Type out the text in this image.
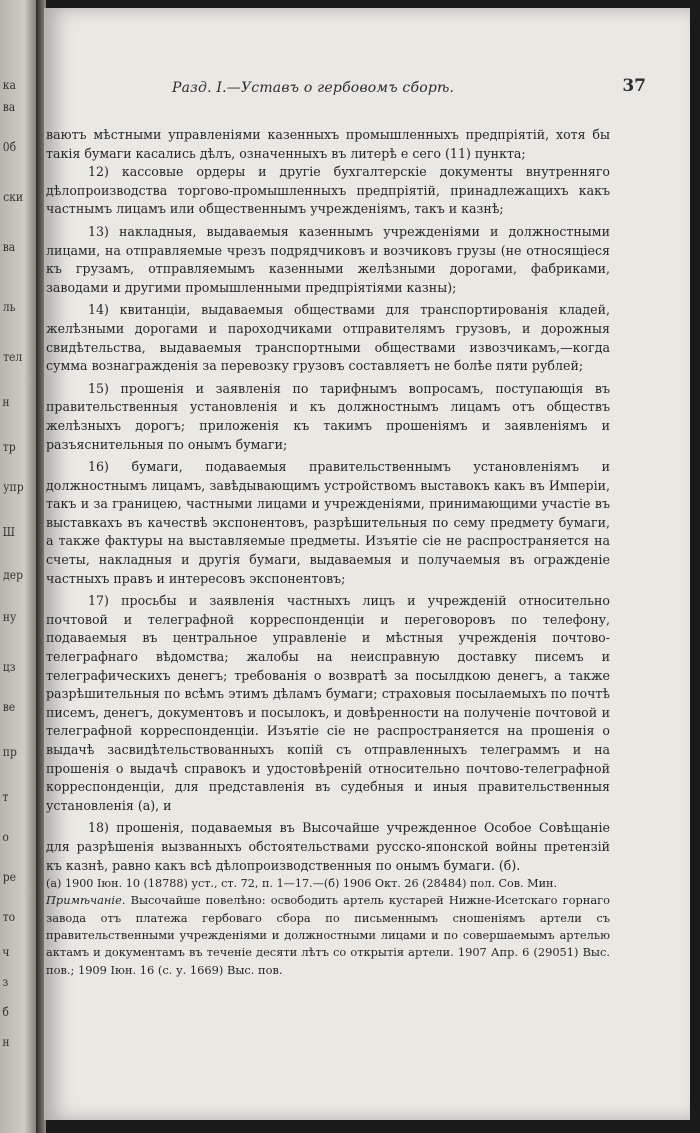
ка
ва
0б
ски
ва
ль
тел
н
тр
упр
Ш
дер
ну
цз
ве
пр
т
о
ре
то
ч
з
б
н
Разд. I.—Уставъ о гербовомъ сборѣ.	37

ваютъ мѣстными управленіями казенныхъ промышленныхъ предпріятій, хотя бы такія бумаги касались дѣлъ, означенныхъ въ литерѣ е сего (11) пункта;

12) кассовые ордеры и другіе бухгалтерскіе документы внутренняго дѣлопроизводства торгово-промышленныхъ предпріятій, принадлежащихъ какъ частнымъ лицамъ или общественнымъ учрежденіямъ, такъ и казнѣ;

13) накладныя, выдаваемыя казеннымъ учрежденіями и должностными лицами, на отправляемые чрезъ подрядчиковъ и возчиковъ грузы (не относящіеся къ грузамъ, отправляемымъ казенными желѣзными дорогами, фабриками, заводами и другими промышленными предпріятіями казны);

14) квитанціи, выдаваемыя обществами для транспортированія кладей, желѣзными дорогами и пароходчиками отправителямъ грузовъ, и дорожныя свидѣтельства, выдаваемыя транспортными обществами извозчикамъ,—когда сумма вознагражденія за перевозку грузовъ составляетъ не болѣе пяти рублей;

15) прошенія и заявленія по тарифнымъ вопросамъ, поступающія въ правительственныя установленія и къ должностнымъ лицамъ отъ обществъ желѣзныхъ дорогъ; приложенія къ такимъ прошеніямъ и заявленіямъ и разъяснительныя по онымъ бумаги;

16) бумаги, подаваемыя правительственнымъ установленіямъ и должностнымъ лицамъ, завѣдывающимъ устройствомъ выставокъ какъ въ Имперіи, такъ и за границею, частными лицами и учрежденіями, принимающими участіе въ выставкахъ въ качествѣ экспонентовъ, разрѣшительныя по сему предмету бумаги, а также фактуры на выставляемые предметы. Изъятіе сіе не распространяется на счеты, накладныя и другія бумаги, выдаваемыя и получаемыя въ огражденіе частныхъ правъ и интересовъ экспонентовъ;

17) просьбы и заявленія частныхъ лицъ и учрежденій относительно почтовой и телеграфной корреспонденціи и переговоровъ по телефону, подаваемыя въ центральное управленіе и мѣстныя учрежденія почтово-телеграфнаго вѣдомства; жалобы на неисправную доставку писемъ и телеграфическихъ денегъ; требованія о возвратѣ за посылдкою денегъ, а также разрѣшительныя по всѣмъ этимъ дѣламъ бумаги; страховыя посылаемыхъ по почтѣ писемъ, денегъ, документовъ и посылокъ, и довѣренности на полученіе почтовой и телеграфной корреспонденціи. Изъятіе сіе не распространяется на прошенія о выдачѣ засвидѣтельствованныхъ копій съ отправленныхъ телеграммъ и на прошенія о выдачѣ справокъ и удостовѣреній относительно почтово-телеграфной корреспонденціи, для представленія въ судебныя и иныя правительственныя установленія (а), и

18) прошенія, подаваемыя въ Высочайше учрежденное Особое Совѣщаніе для разрѣшенія вызванныхъ обстоятельствами русско-японской войны претензій къ казнѣ, равно какъ всѣ дѣлопроизводственныя по онымъ бумаги. (б).

(а) 1900 Іюн. 10 (18788) уст., ст. 72, п. 1—17.—(б) 1906 Окт. 26 (28484) пол. Сов. Мин.

Примѣчаніе. Высочайше повелѣно: освободить артель кустарей Нижне-Исетскаго горнаго завода отъ платежа гербоваго сбора по письменнымъ сношеніямъ артели съ правительственными учрежденіями и должностными лицами и по совершаемымъ артелью актамъ и документамъ въ теченіе десяти лѣтъ со открытія артели. 1907 Апр. 6 (29051) Выс. пов.; 1909 Іюн. 16 (с. у. 1669) Выс. пов.
